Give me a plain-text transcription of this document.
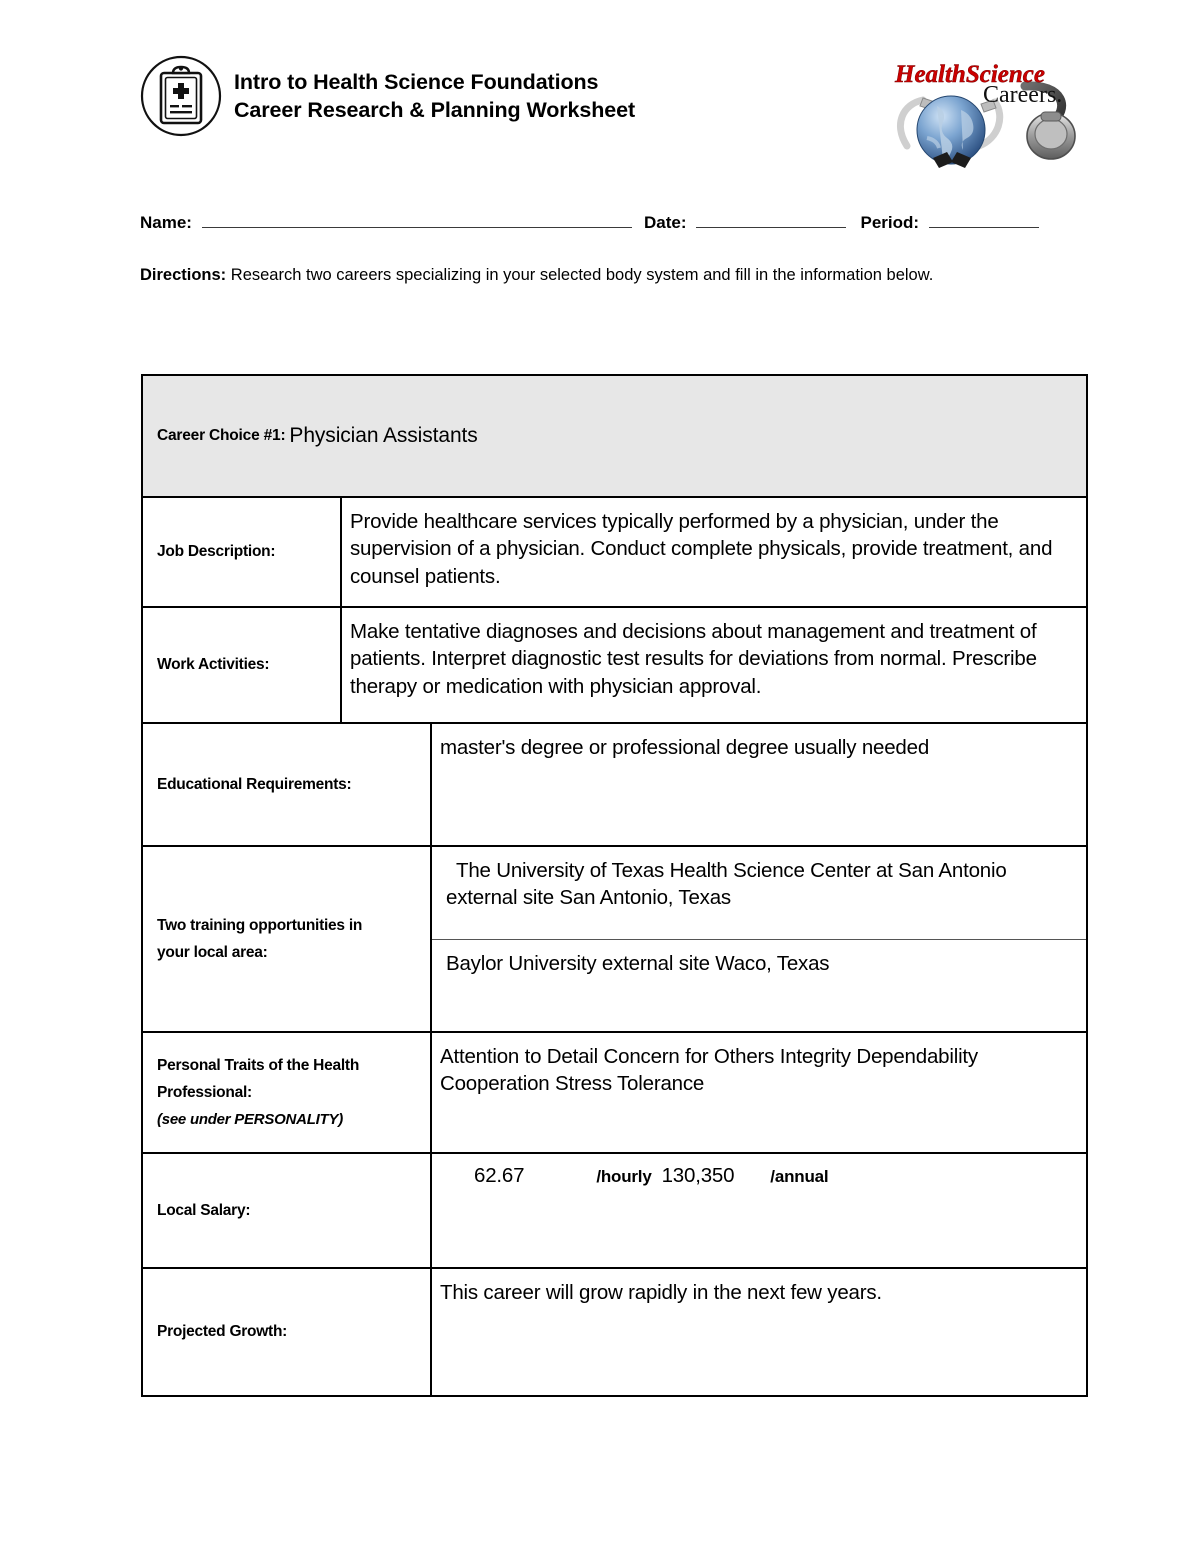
Intro to Health Science Foundations
Career Research & Planning Worksheet
HealthScience
Careers.
Name:	Date:	Period:
Directions: Research two careers specializing in your selected body system and fill in the information below.
Career Choice #1: Physician Assistants
Job Description:
Provide healthcare services typically performed by a physician, under the supervision of a physician. Conduct complete physicals, provide treatment, and counsel patients.
Work Activities:
Make tentative diagnoses and decisions about management and treatment of patients. Interpret diagnostic test results for deviations from normal. Prescribe therapy or medication with physician approval.
Educational Requirements:
master's degree or professional degree usually needed
Two training opportunities in
your local area:
The University of Texas Health Science Center at San Antonio external site San Antonio, Texas
Baylor University external site Waco, Texas
Personal Traits of the Health
Professional:
(see under PERSONALITY)
Attention to Detail Concern for Others Integrity Dependability Cooperation Stress Tolerance
Local Salary:
62.67	/hourly 130,350 /annual
Projected Growth:
This career will grow rapidly in the next few years.
